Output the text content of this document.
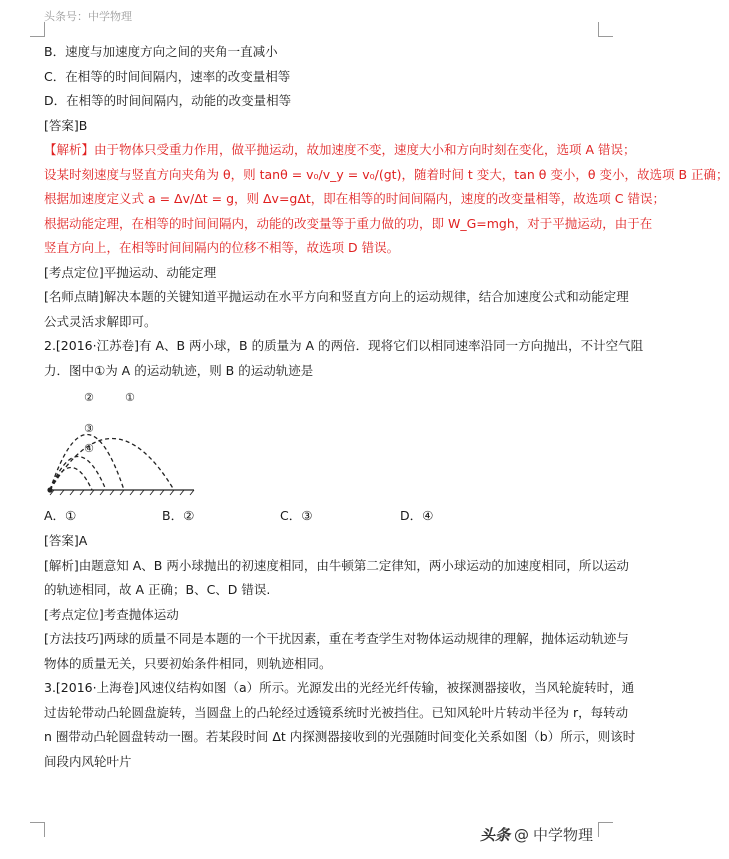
头条号：中学物理
B．速度与加速度方向之间的夹角一直减小
C．在相等的时间间隔内，速率的改变量相等
D．在相等的时间间隔内，动能的改变量相等
[答案]B
【解析】由于物体只受重力作用，做平抛运动，故加速度不变，速度大小和方向时刻在变化，选项 A 错误；
设某时刻速度与竖直方向夹角为 θ，则 tanθ = v₀/v_y = v₀/(gt)，随着时间 t 变大，tan θ 变小，θ 变小，故选项 B 正确；
根据加速度定义式 a = Δv/Δt = g，则 Δv=gΔt，即在相等的时间间隔内，速度的改变量相等，故选项 C 错误；
根据动能定理，在相等的时间间隔内，动能的改变量等于重力做的功，即 W_G=mgh，对于平抛运动，由于在
竖直方向上，在相等时间间隔内的位移不相等，故选项 D 错误。
[考点定位]平抛运动、动能定理
[名师点睛]解决本题的关键知道平抛运动在水平方向和竖直方向上的运动规律，结合加速度公式和动能定理
公式灵活求解即可。
2.[2016·江苏卷]有 A、B 两小球，B 的质量为 A 的两倍．现将它们以相同速率沿同一方向抛出，不计空气阻
力．图中①为 A 的运动轨迹，则 B 的运动轨迹是
②	①
③
④
A．①	B．②	C．③	D．④
[答案]A
[解析]由题意知 A、B 两小球抛出的初速度相同，由牛顿第二定律知，两小球运动的加速度相同，所以运动
的轨迹相同，故 A 正确；B、C、D 错误.
[考点定位]考查抛体运动
[方法技巧]两球的质量不同是本题的一个干扰因素，重在考查学生对物体运动规律的理解，抛体运动轨迹与
物体的质量无关，只要初始条件相同，则轨迹相同。
3.[2016·上海卷]风速仪结构如图（a）所示。光源发出的光经光纤传输，被探测器接收，当风轮旋转时，通
过齿轮带动凸轮圆盘旋转，当圆盘上的凸轮经过透镜系统时光被挡住。已知风轮叶片转动半径为 r，每转动
n 圈带动凸轮圆盘转动一圈。若某段时间 Δt 内探测器接收到的光强随时间变化关系如图（b）所示，则该时
间段内风轮叶片
头条 @ 中学物理
